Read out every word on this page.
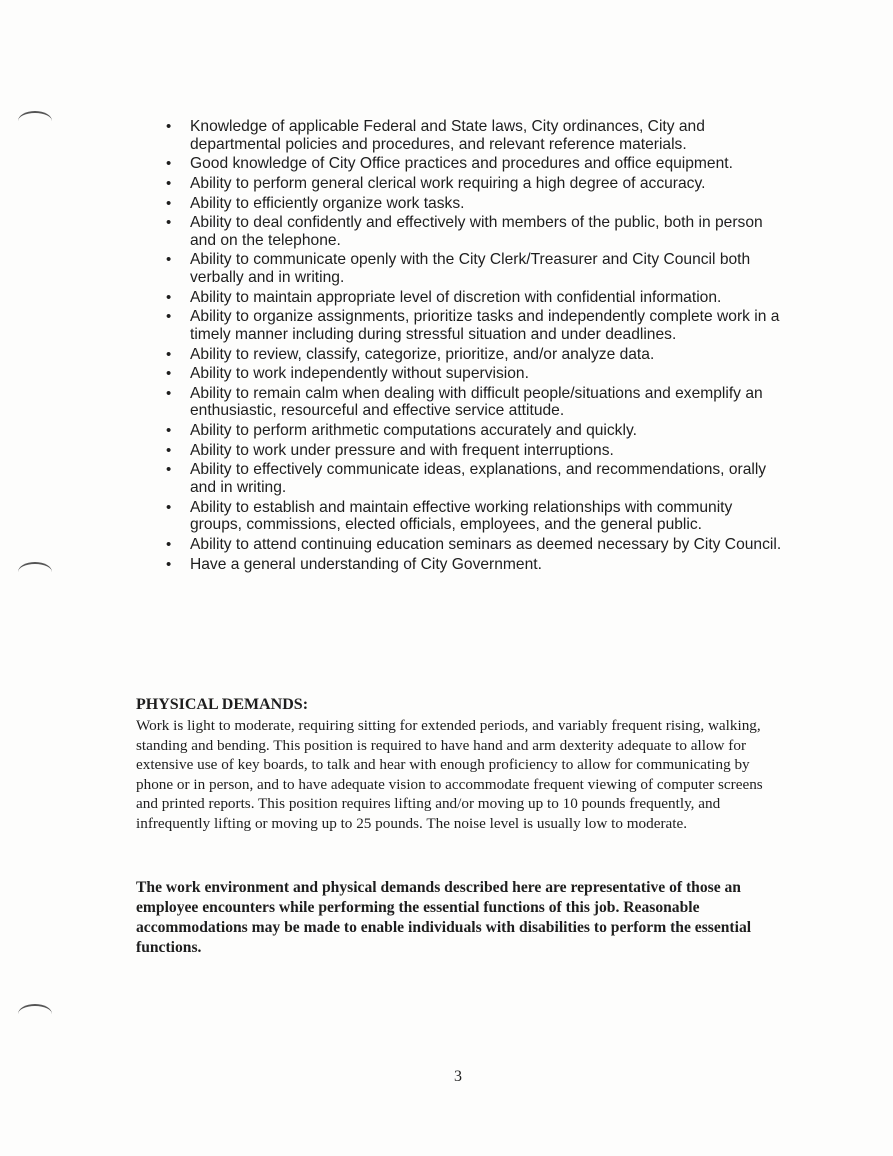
• Knowledge of applicable Federal and State laws, City ordinances, City and departmental policies and procedures, and relevant reference materials.
• Good knowledge of City Office practices and procedures and office equipment.
• Ability to perform general clerical work requiring a high degree of accuracy.
• Ability to efficiently organize work tasks.
• Ability to deal confidently and effectively with members of the public, both in person and on the telephone.
• Ability to communicate openly with the City Clerk/Treasurer and City Council both verbally and in writing.
• Ability to maintain appropriate level of discretion with confidential information.
• Ability to organize assignments, prioritize tasks and independently complete work in a timely manner including during stressful situation and under deadlines.
• Ability to review, classify, categorize, prioritize, and/or analyze data.
• Ability to work independently without supervision.
• Ability to remain calm when dealing with difficult people/situations and exemplify an enthusiastic, resourceful and effective service attitude.
• Ability to perform arithmetic computations accurately and quickly.
• Ability to work under pressure and with frequent interruptions.
• Ability to effectively communicate ideas, explanations, and recommendations, orally and in writing.
• Ability to establish and maintain effective working relationships with community groups, commissions, elected officials, employees, and the general public.
• Ability to attend continuing education seminars as deemed necessary by City Council.
• Have a general understanding of City Government.
PHYSICAL DEMANDS:

Work is light to moderate, requiring sitting for extended periods, and variably frequent rising, walking, standing and bending. This position is required to have hand and arm dexterity adequate to allow for extensive use of key boards, to talk and hear with enough proficiency to allow for communicating by phone or in person, and to have adequate vision to accommodate frequent viewing of computer screens and printed reports. This position requires lifting and/or moving up to 10 pounds frequently, and infrequently lifting or moving up to 25 pounds. The noise level is usually low to moderate.

The work environment and physical demands described here are representative of those an employee encounters while performing the essential functions of this job. Reasonable accommodations may be made to enable individuals with disabilities to perform the essential functions.

3
